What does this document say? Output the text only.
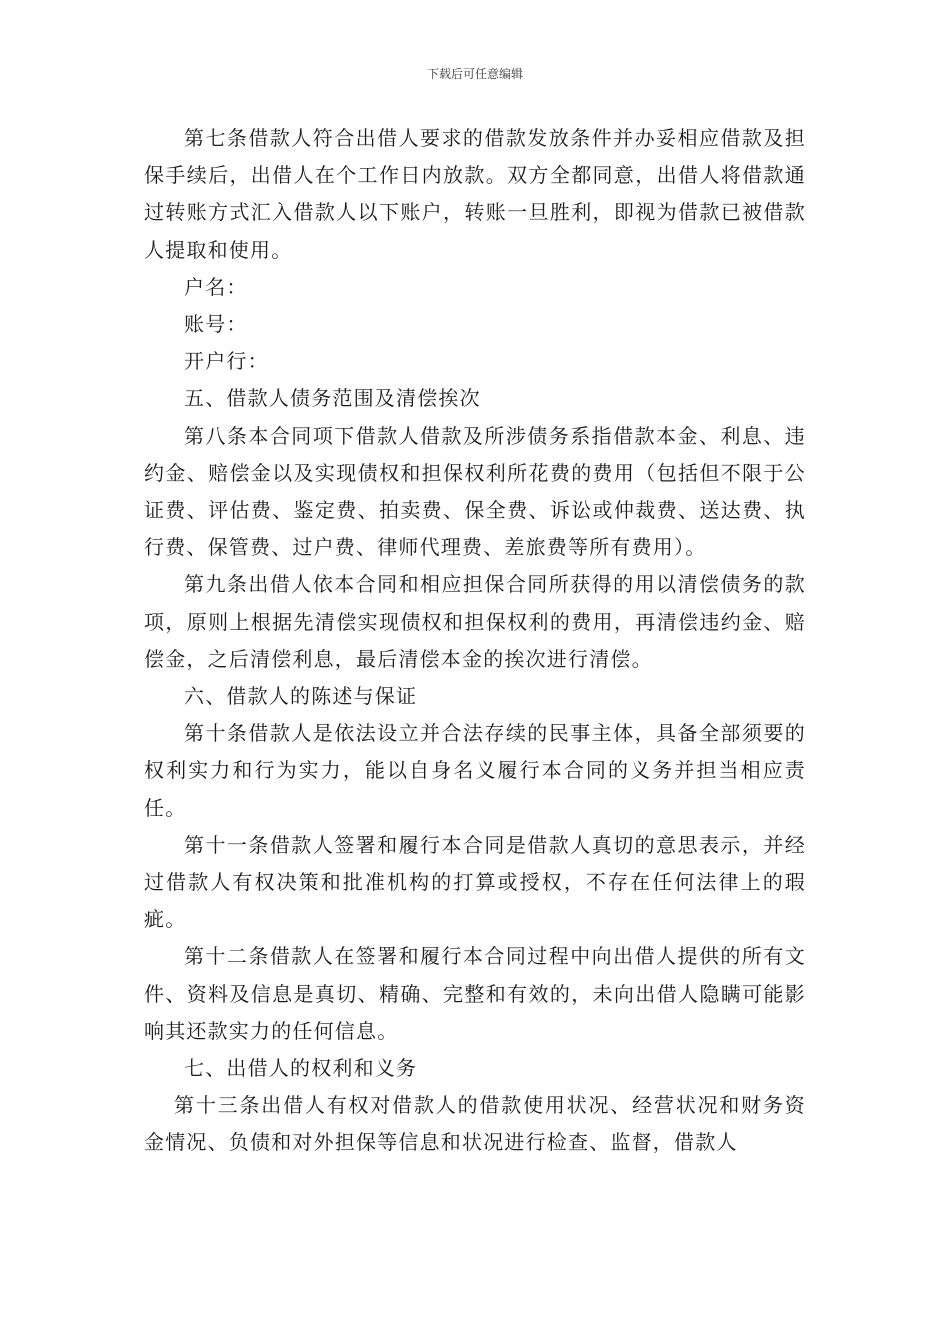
下载后可任意编辑

第七条借款人符合出借人要求的借款发放条件并办妥相应借款及担保手续后，出借人在个工作日内放款。双方全都同意，出借人将借款通过转账方式汇入借款人以下账户，转账一旦胜利，即视为借款已被借款人提取和使用。

户名：

账号：

开户行：

五、借款人债务范围及清偿挨次

第八条本合同项下借款人借款及所涉债务系指借款本金、利息、违约金、赔偿金以及实现债权和担保权利所花费的费用（包括但不限于公证费、评估费、鉴定费、拍卖费、保全费、诉讼或仲裁费、送达费、执行费、保管费、过户费、律师代理费、差旅费等所有费用）。

第九条出借人依本合同和相应担保合同所获得的用以清偿债务的款项，原则上根据先清偿实现债权和担保权利的费用，再清偿违约金、赔偿金，之后清偿利息，最后清偿本金的挨次进行清偿。

六、借款人的陈述与保证

第十条借款人是依法设立并合法存续的民事主体，具备全部须要的权利实力和行为实力，能以自身名义履行本合同的义务并担当相应责任。

第十一条借款人签署和履行本合同是借款人真切的意思表示，并经过借款人有权决策和批准机构的打算或授权，不存在任何法律上的瑕疵。

第十二条借款人在签署和履行本合同过程中向出借人提供的所有文件、资料及信息是真切、精确、完整和有效的，未向出借人隐瞒可能影响其还款实力的任何信息。

七、出借人的权利和义务

第十三条出借人有权对借款人的借款使用状况、经营状况和财务资金情况、负债和对外担保等信息和状况进行检查、监督，借款人
